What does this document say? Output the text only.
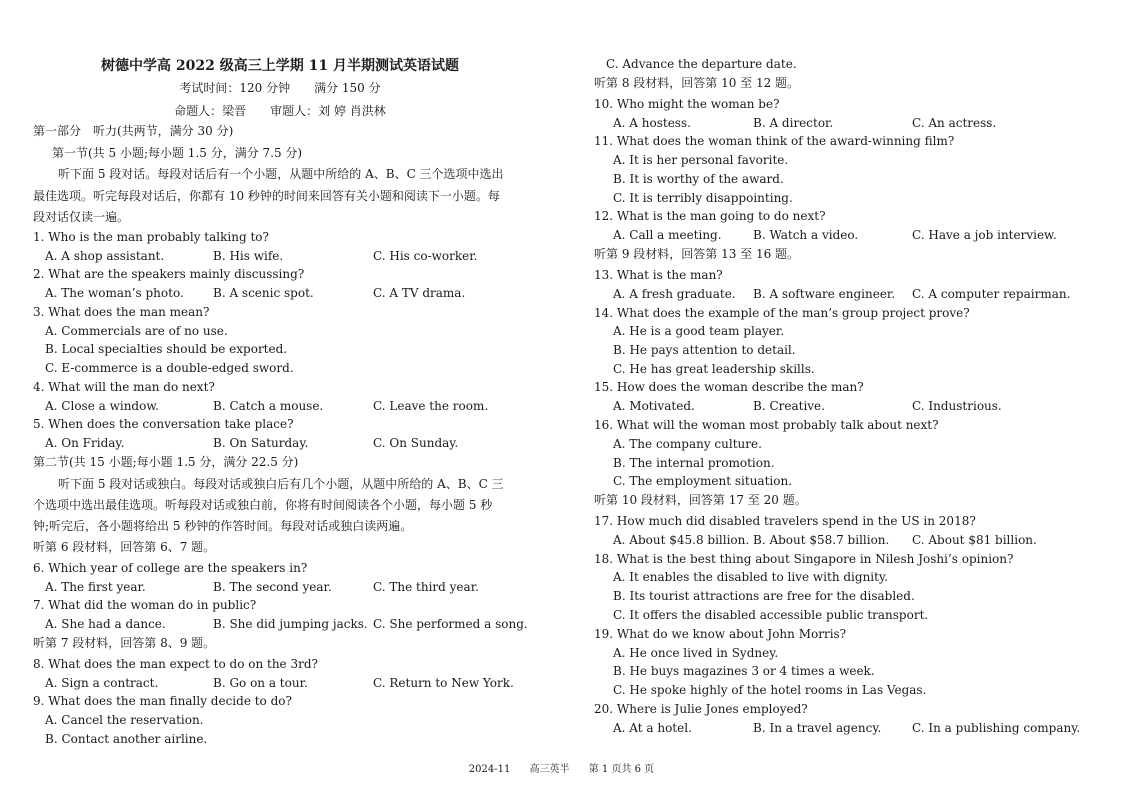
树德中学高 2022 级高三上学期 11 月半期测试英语试题
考试时间：120 分钟　　满分 150 分
命题人：梁晋　　审题人：刘 婷 肖洪林
第一部分　听力(共两节，满分 30 分)
第一节(共 5 小题;每小题 1.5 分，满分 7.5 分)
听下面 5 段对话。每段对话后有一个小题，从题中所给的 A、B、C 三个选项中选出
最佳选项。听完每段对话后，你都有 10 秒钟的时间来回答有关小题和阅读下一小题。每
段对话仅读一遍。
1. Who is the man probably talking to?
A. A shop assistant.	B. His wife.	C. His co-worker.
2. What are the speakers mainly discussing?
A. The woman’s photo. B. A scenic spot.	C. A TV drama.
3. What does the man mean?
A. Commercials are of no use.
B. Local specialties should be exported.
C. E-commerce is a double-edged sword.
4. What will the man do next?
A. Close a window.	B. Catch a mouse.	C. Leave the room.
5. When does the conversation take place?
A. On Friday.	B. On Saturday.	C. On Sunday.
第二节(共 15 小题;每小题 1.5 分，满分 22.5 分)
听下面 5 段对话或独白。每段对话或独白后有几个小题，从题中所给的 A、B、C 三
个选项中选出最佳选项。听每段对话或独白前，你将有时间阅读各个小题，每小题 5 秒
钟;听完后，各小题将给出 5 秒钟的作答时间。每段对话或独白读两遍。
听第 6 段材料，回答第 6、7 题。
6. Which year of college are the speakers in?
A. The first year.	B. The second year.	C. The third year.
7. What did the woman do in public?
A. She had a dance.	B. She did jumping jacks. C. She performed a song.
听第 7 段材料，回答第 8、9 题。
8. What does the man expect to do on the 3rd?
A. Sign a contract.	B. Go on a tour.	C. Return to New York.
9. What does the man finally decide to do?
A. Cancel the reservation.
B. Contact another airline.
C. Advance the departure date.
听第 8 段材料，回答第 10 至 12 题。
10. Who might the woman be?
A. A hostess.	B. A director.	C. An actress.
11. What does the woman think of the award-winning film?
A. It is her personal favorite.
B. It is worthy of the award.
C. It is terribly disappointing.
12. What is the man going to do next?
A. Call a meeting.	B. Watch a video.	C. Have a job interview.
听第 9 段材料，回答第 13 至 16 题。
13. What is the man?
A. A fresh graduate. B. A software engineer. C. A computer repairman.
14. What does the example of the man’s group project prove?
A. He is a good team player.
B. He pays attention to detail.
C. He has great leadership skills.
15. How does the woman describe the man?
A. Motivated.	B. Creative.	C. Industrious.
16. What will the woman most probably talk about next?
A. The company culture.
B. The internal promotion.
C. The employment situation.
听第 10 段材料，回答第 17 至 20 题。
17. How much did disabled travelers spend in the US in 2018?
A. About $45.8 billion. B. About $58.7 billion. C. About $81 billion.
18. What is the best thing about Singapore in Nilesh Joshi’s opinion?
A. It enables the disabled to live with dignity.
B. Its tourist attractions are free for the disabled.
C. It offers the disabled accessible public transport.
19. What do we know about John Morris?
A. He once lived in Sydney.
B. He buys magazines 3 or 4 times a week.
C. He spoke highly of the hotel rooms in Las Vegas.
20. Where is Julie Jones employed?
A. At a hotel.	B. In a travel agency.	C. In a publishing company.
2024-11 高三英半 第 1 页共 6 页
